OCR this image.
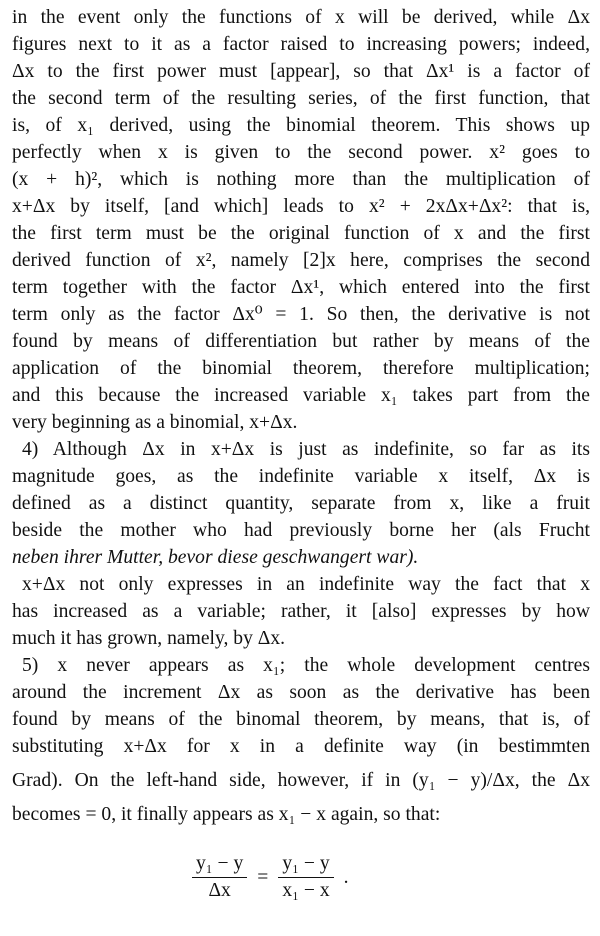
in the event only the functions of x will be derived, while Δx
figures next to it as a factor raised to increasing powers; indeed,
Δx to the first power must [appear], so that Δx¹ is a factor of
the second term of the resulting series, of the first function, that
is, of x₁ derived, using the binomial theorem. This shows up
perfectly when x is given to the second power. x² goes to
(x + h)², which is nothing more than the multiplication of
x+Δx by itself, [and which] leads to x² + 2xΔx+Δx²: that is,
the first term must be the original function of x and the first
derived function of x², namely [2]x here, comprises the second
term together with the factor Δx¹, which entered into the first
term only as the factor Δx⁰ = 1. So then, the derivative is not
found by means of differentiation but rather by means of the
application of the binomial theorem, therefore multiplication;
and this because the increased variable x₁ takes part from the
very beginning as a binomial, x+Δx.
4) Although Δx in x+Δx is just as indefinite, so far as its
magnitude goes, as the indefinite variable x itself, Δx is
defined as a distinct quantity, separate from x, like a fruit
beside the mother who had previously borne her (als Frucht
neben ihrer Mutter, bevor diese geschwangert war).
x+Δx not only expresses in an indefinite way the fact that x
has increased as a variable; rather, it [also] expresses by how
much it has grown, namely, by Δx.
5) x never appears as x₁; the whole development centres
around the increment Δx as soon as the derivative has been
found by means of the binomal theorem, by means, that is, of
substituting x+Δx for x in a definite way (in bestimmten
Grad). On the left-hand side, however, if in (y₁ − y)/Δx, the Δx
becomes = 0, it finally appears as x₁ − x again, so that:
$\frac{\text{y₁ − y}}{\Delta x} = \frac{\text{y₁ − y}}{\text{x₁ − x}}$ .
